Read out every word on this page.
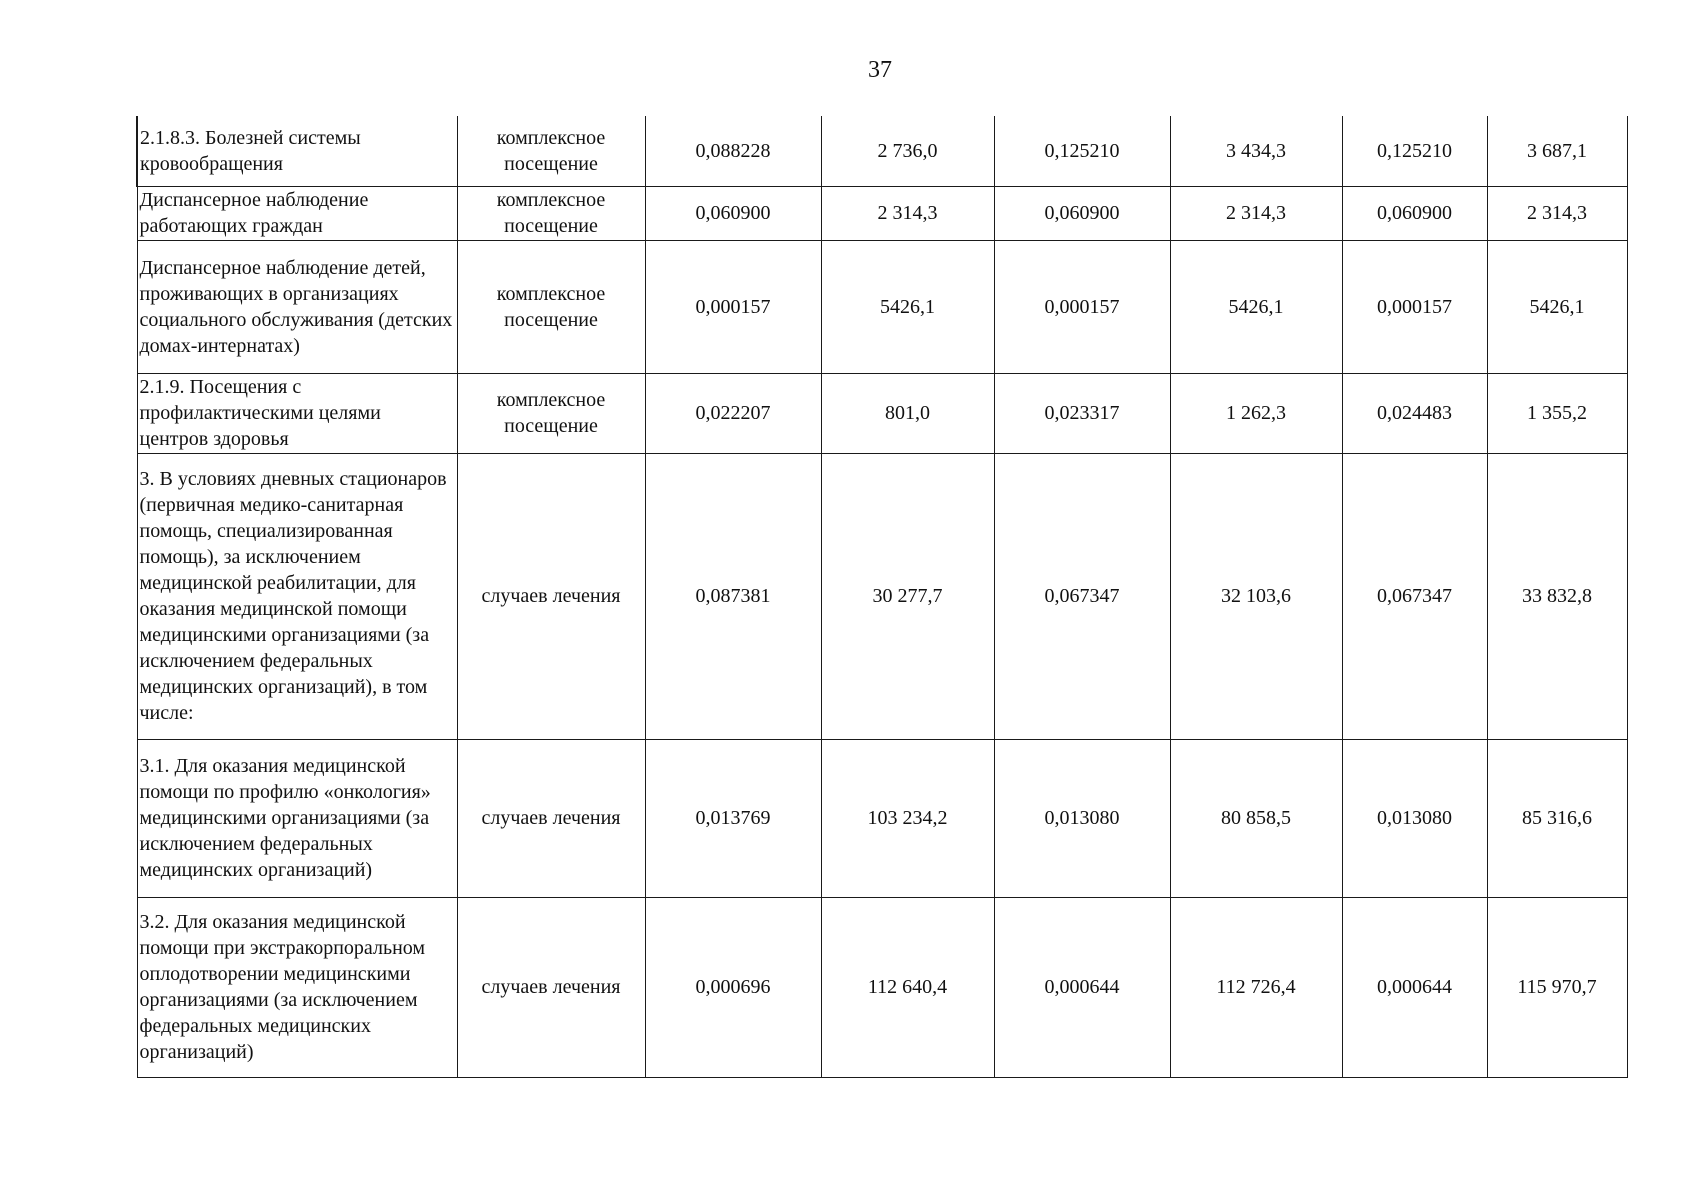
37
2.1.8.3. Болезней системы кровообращения	комплексное посещение	0,088228	2 736,0	0,125210	3 434,3	0,125210	3 687,1
Диспансерное наблюдение работающих граждан	комплексное посещение	0,060900	2 314,3	0,060900	2 314,3	0,060900	2 314,3
Диспансерное наблюдение детей, проживающих в организациях социального обслуживания (детских домах-интернатах)	комплексное посещение	0,000157	5426,1	0,000157	5426,1	0,000157	5426,1
2.1.9. Посещения с профилактическими целями центров здоровья	комплексное посещение	0,022207	801,0	0,023317	1 262,3	0,024483	1 355,2
3. В условиях дневных стационаров (первичная медико-санитарная помощь, специализированная помощь), за исключением медицинской реабилитации, для оказания медицинской помощи медицинскими организациями (за исключением федеральных медицинских организаций), в том числе:	случаев лечения	0,087381	30 277,7	0,067347	32 103,6	0,067347	33 832,8
3.1. Для оказания медицинской помощи по профилю «онкология» медицинскими организациями (за исключением федеральных медицинских организаций)	случаев лечения	0,013769	103 234,2	0,013080	80 858,5	0,013080	85 316,6
3.2. Для оказания медицинской помощи при экстракорпоральном оплодотворении медицинскими организациями (за исключением федеральных медицинских организаций)	случаев лечения	0,000696	112 640,4	0,000644	112 726,4	0,000644	115 970,7
